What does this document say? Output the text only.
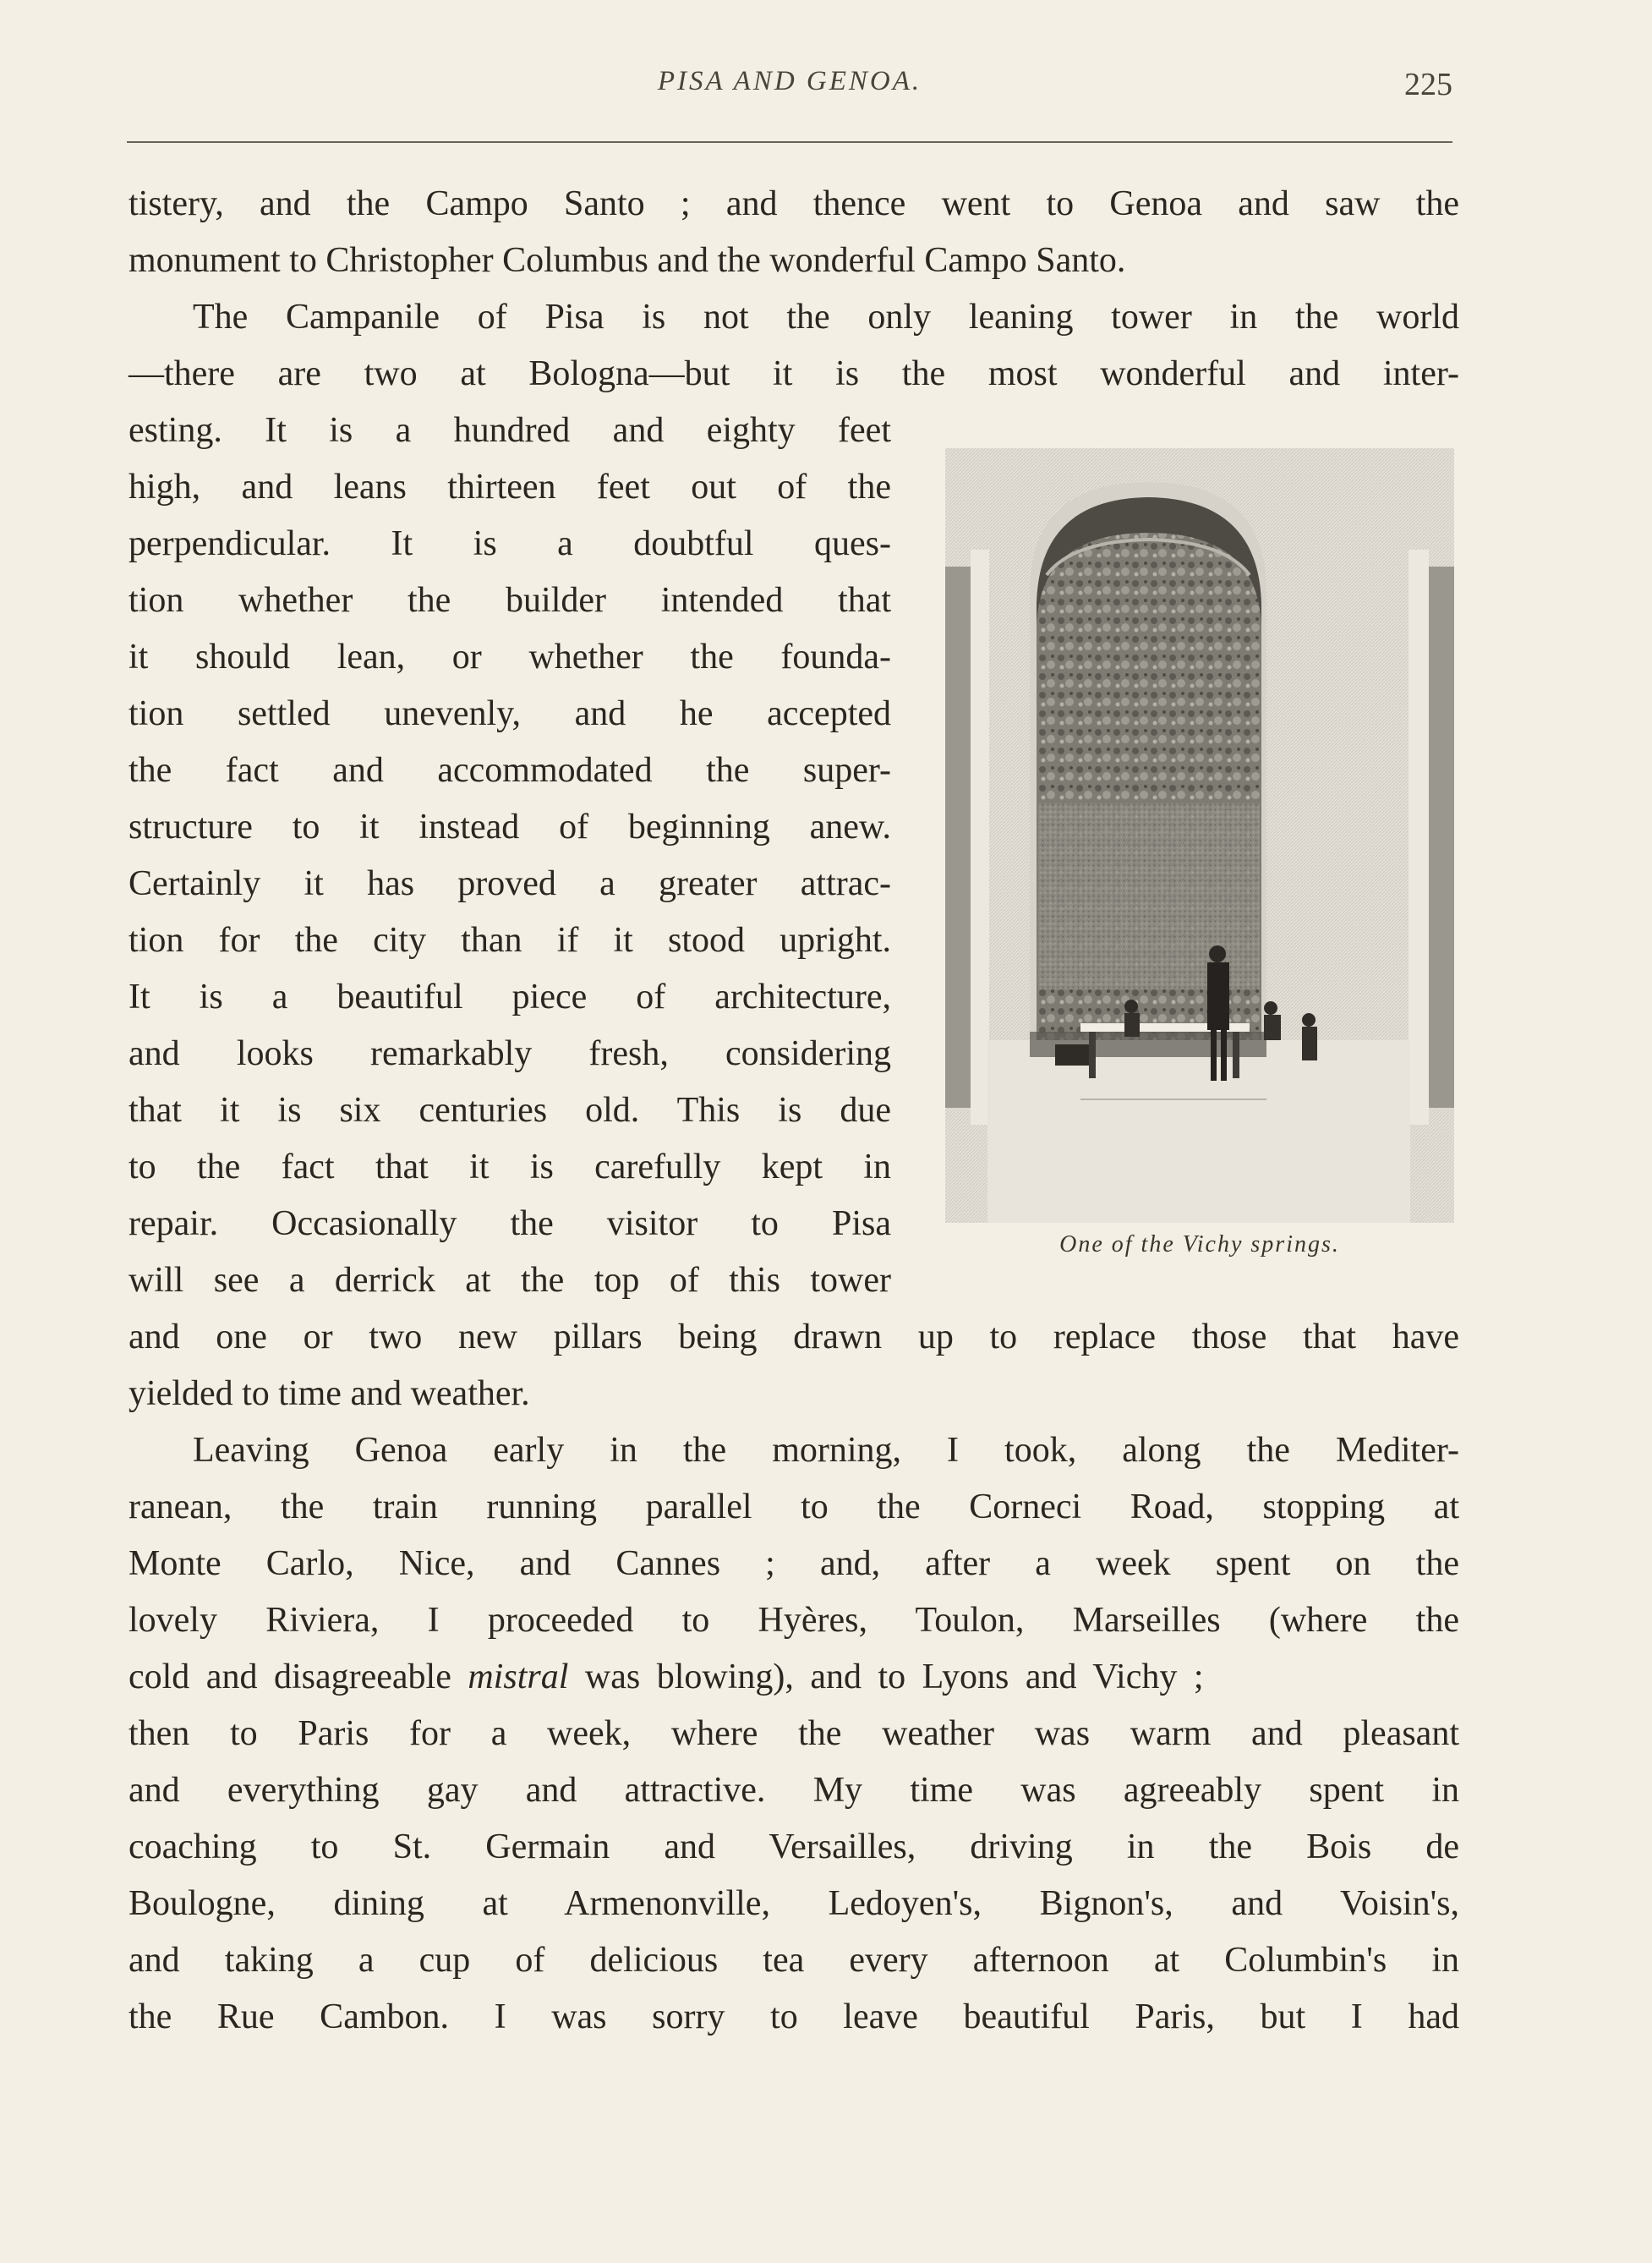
PISA AND GENOA.	225
tistery, and the Campo Santo ; and thence went to Genoa and saw the
monument to Christopher Columbus and the wonderful Campo Santo.
The Campanile of Pisa is not the only leaning tower in the world
—there are two at Bologna—but it is the most wonderful and inter-
esting. It is a hundred and eighty feet
high, and leans thirteen feet out of the
perpendicular. It is a doubtful ques-
tion whether the builder intended that
it should lean, or whether the founda-
tion settled unevenly, and he accepted
the fact and accommodated the super-
structure to it instead of beginning anew.
Certainly it has proved a greater attrac-
tion for the city than if it stood upright.
It is a beautiful piece of architecture,
and looks remarkably fresh, considering
that it is six centuries old. This is due
to the fact that it is carefully kept in
repair. Occasionally the visitor to Pisa
will see a derrick at the top of this tower
One of the Vichy springs.
and one or two new pillars being drawn up to replace those that have
yielded to time and weather.
Leaving Genoa early in the morning, I took, along the Mediter-
ranean, the train running parallel to the Corneci Road, stopping at
Monte Carlo, Nice, and Cannes ; and, after a week spent on the
lovely Riviera, I proceeded to Hyères, Toulon, Marseilles (where the
cold and disagreeable mistral was blowing), and to Lyons and Vichy ;
then to Paris for a week, where the weather was warm and pleasant
and everything gay and attractive. My time was agreeably spent in
coaching to St. Germain and Versailles, driving in the Bois de
Boulogne, dining at Armenonville, Ledoyen's, Bignon's, and Voisin's,
and taking a cup of delicious tea every afternoon at Columbin's in
the Rue Cambon. I was sorry to leave beautiful Paris, but I had
